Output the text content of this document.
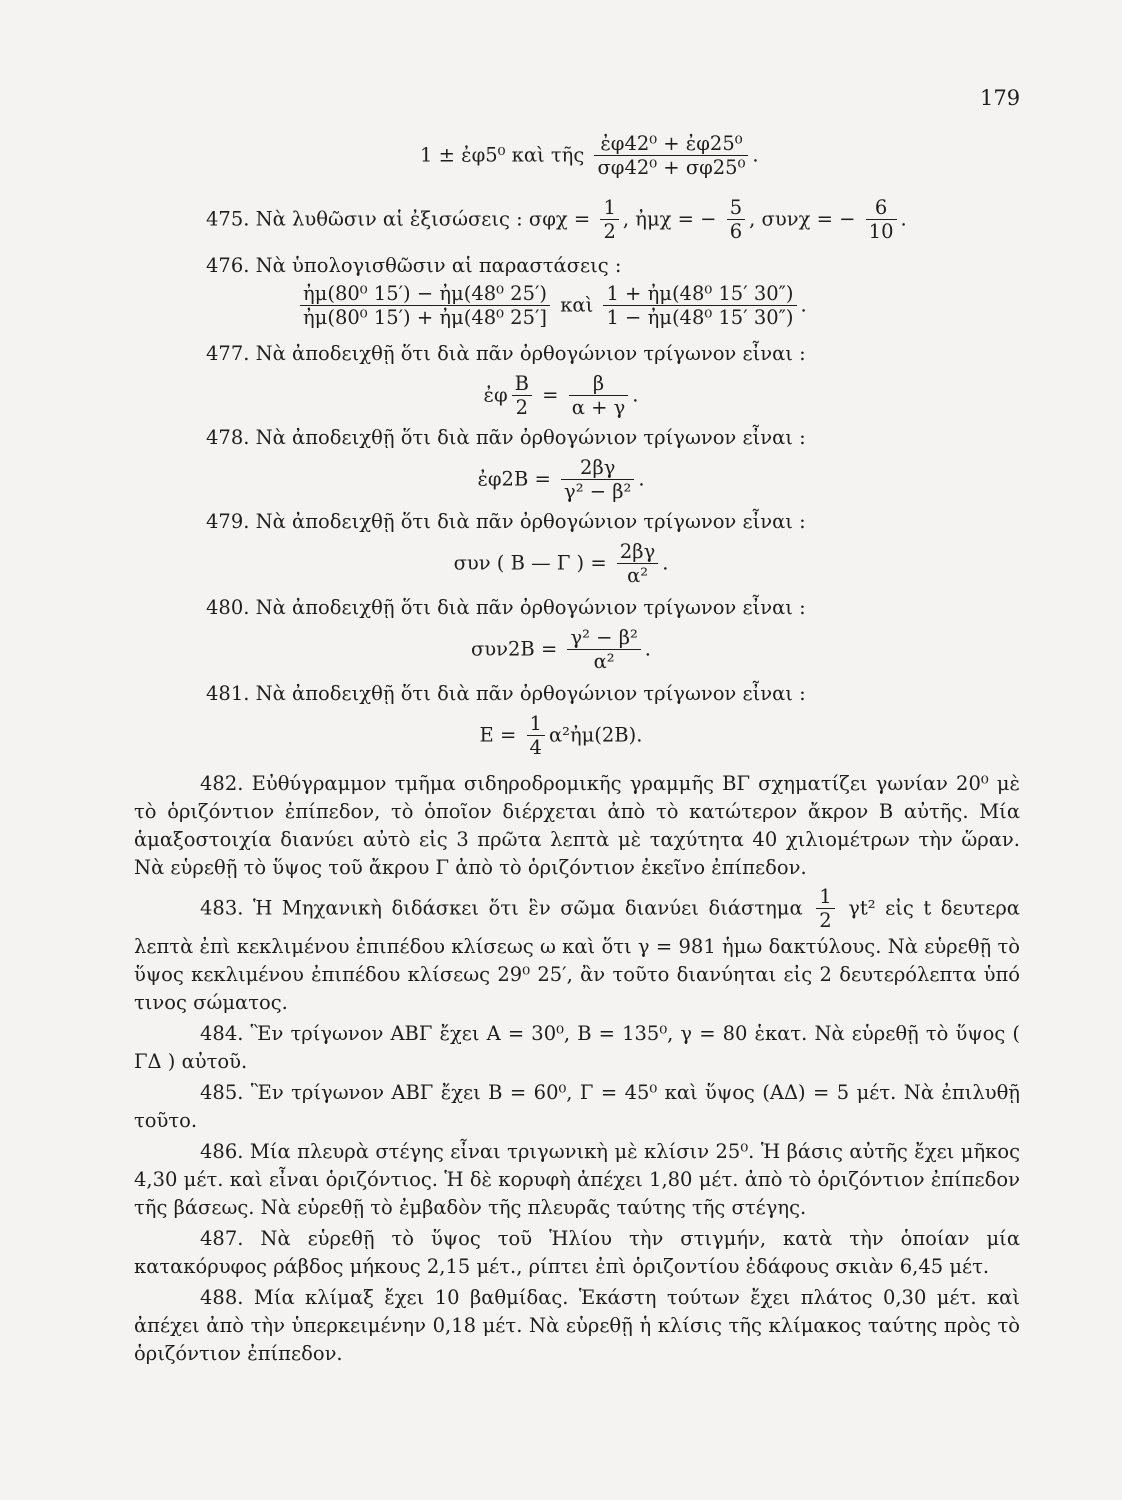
179
1 ± ἐφ5⁰ καὶ τῆς $\frac{\text{ἐφ42⁰ + ἐφ25⁰}}{\text{σφ42⁰ + σφ25⁰}}$ .
475. Νὰ λυθῶσιν αἱ ἐξισώσεις : $\sigma\varphi\chi = \frac{1}{2}$ , ἠμχ = − $\frac{5}{6}$ , συνχ = − $\frac{6}{10}$ .
476. Νὰ ὑπολογισθῶσιν αἱ παραστάσεις :
$\frac{\text{ἠμ(80⁰ 15′) − ἠμ(48⁰ 25′)}}{\text{ἠμ(80⁰ 15′) + ἠμ(48⁰ 25′]}}$ καὶ $\frac{\text{1 + ἠμ(48⁰ 15′ 30″)}}{\text{1 − ἠμ(48⁰ 15′ 30″)}}$ .
477. Νὰ ἀποδειχθῇ ὅτι διὰ πᾶν ὀρθογώνιον τρίγωνον εἶναι :
ἐφ $\frac{B}{2} = \frac{\beta}{\alpha + \gamma}$ .
478. Νὰ ἀποδειχθῇ ὅτι διὰ πᾶν ὀρθογώνιον τρίγωνον εἶναι :
ἐφ2Β = $\frac{2\beta\gamma}{\text{γ² − β²}}$ .
479. Νὰ ἀποδειχθῇ ὅτι διὰ πᾶν ὀρθογώνιον τρίγωνον εἶναι :
συν ( Β — Γ ) = $\frac{2\beta\gamma}{\text{α²}}$ .
480. Νὰ ἀποδειχθῇ ὅτι διὰ πᾶν ὀρθογώνιον τρίγωνον εἶναι :
$\sigma\upsilon\nu 2B = \frac{\text{γ² − β²}}{\text{α²}}$ .
481. Νὰ ἀποδειχθῇ ὅτι διὰ πᾶν ὀρθογώνιον τρίγωνον εἶναι :
$E = \frac{1}{4}$ α²ἠμ(2Β).

482. Εὐθύγραμμον τμῆμα σιδηροδρομικῆς γραμμῆς ΒΓ σχηματίζει γωνίαν 20⁰ μὲ τὸ ὁριζόντιον ἐπίπεδον, τὸ ὁποῖον διέρχεται ἀπὸ τὸ κατώτερον ἄκρον Β αὐτῆς. Μία ἁμαξοστοιχία διανύει αὐτὸ εἰς 3 πρῶτα λεπτὰ μὲ ταχύτητα 40 χιλιομέτρων τὴν ὥραν. Νὰ εὑρεθῇ τὸ ὕψος τοῦ ἄκρου Γ ἀπὸ τὸ ὁριζόντιον ἐκεῖνο ἐπίπεδον.

483. Ἡ Μηχανικὴ διδάσκει ὅτι ἓν σῶμα διανύει διάστημα $\frac{1}{2} \gamma t^2$ εἰς t δευτερα λεπτὰ ἐπὶ κεκλιμένου ἐπιπέδου κλίσεως ω καὶ ὅτι γ = 981 ἡμω δακτύλους. Νὰ εὑρεθῇ τὸ ὕψος κεκλιμένου ἐπιπέδου κλίσεως 29⁰ 25′, ἂν τοῦτο διανύηται εἰς 2 δευτερόλεπτα ὑπό τινος σώματος.

484. Ἓν τρίγωνον ΑΒΓ ἔχει Α = 30⁰, Β = 135⁰, γ = 80 ἑκατ. Νὰ εὑρεθῇ τὸ ὕψος ( ΓΔ ) αὐτοῦ.

485. Ἓν τρίγωνον ΑΒΓ ἔχει Β = 60⁰, Γ = 45⁰ καὶ ὕψος (ΑΔ) = 5 μέτ. Νὰ ἐπιλυθῇ τοῦτο.

486. Μία πλευρὰ στέγης εἶναι τριγωνικὴ μὲ κλίσιν 25⁰. Ἡ βάσις αὐτῆς ἔχει μῆκος 4,30 μέτ. καὶ εἶναι ὁριζόντιος. Ἡ δὲ κορυφὴ ἀπέχει 1,80 μέτ. ἀπὸ τὸ ὁριζόντιον ἐπίπεδον τῆς βάσεως. Νὰ εὑρεθῇ τὸ ἐμβαδὸν τῆς πλευρᾶς ταύτης τῆς στέγης.

487. Νὰ εὑρεθῇ τὸ ὕψος τοῦ Ἡλίου τὴν στιγμήν, κατὰ τὴν ὁποίαν μία κατακόρυφος ράβδος μήκους 2,15 μέτ., ρίπτει ἐπὶ ὁριζοντίου ἐδάφους σκιὰν 6,45 μέτ.

488. Μία κλίμαξ ἔχει 10 βαθμίδας. Ἑκάστη τούτων ἔχει πλάτος 0,30 μέτ. καὶ ἀπέχει ἀπὸ τὴν ὑπερκειμένην 0,18 μέτ. Νὰ εὑρεθῇ ἡ κλίσις τῆς κλίμακος ταύτης πρὸς τὸ ὁριζόντιον ἐπίπεδον.
